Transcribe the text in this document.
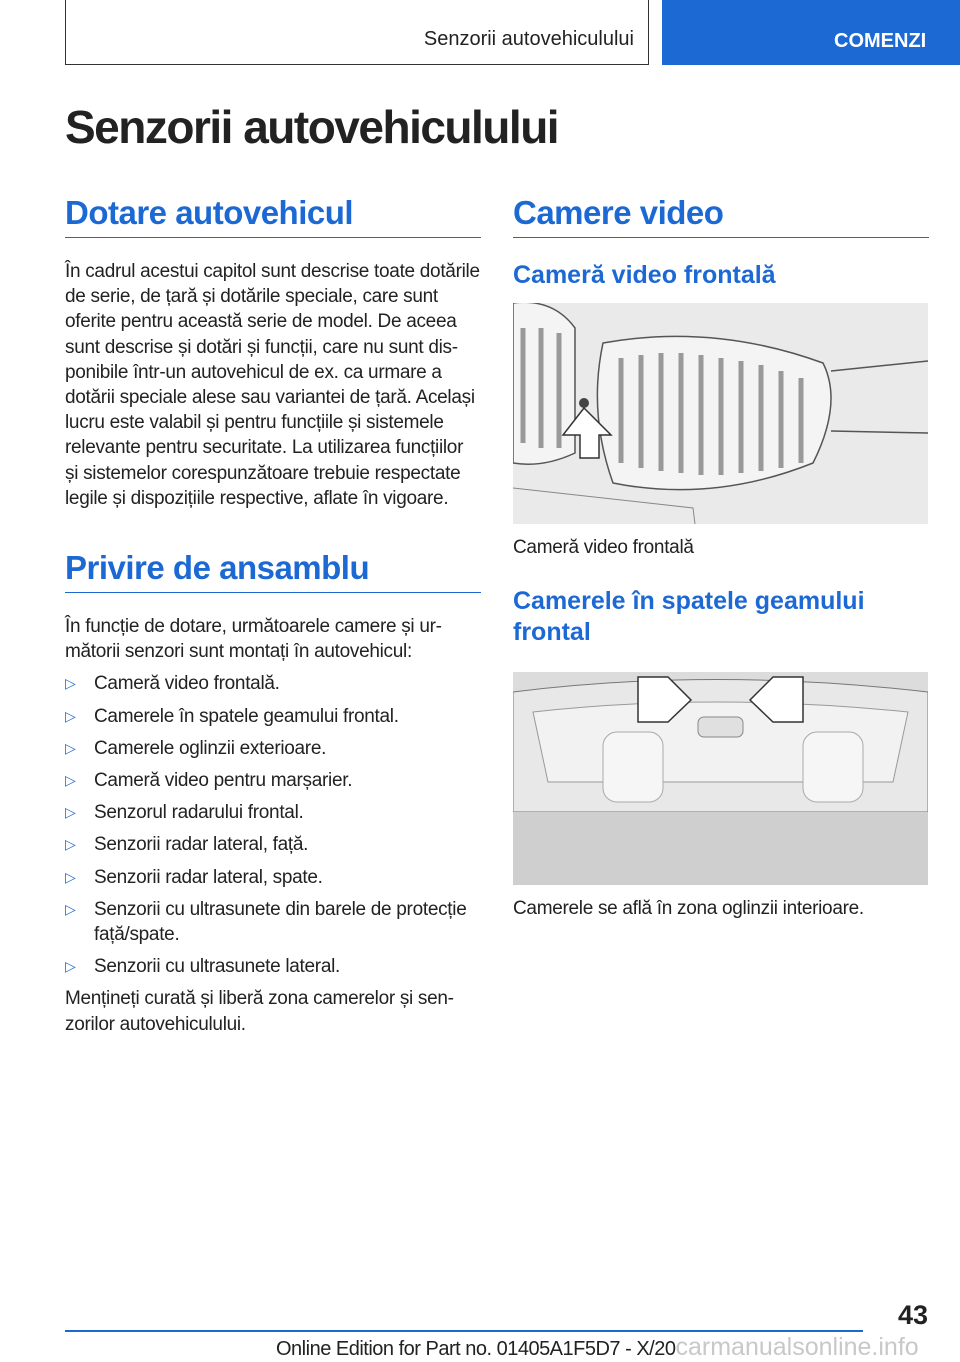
Senzorii autovehiculului	COMENZI
Senzorii autovehiculului
Dotare autovehicul

În cadrul acestui capitol sunt descrise toate dotările de serie, de țară și dotările speciale, care sunt oferite pentru această serie de model. De aceea sunt descrise și dotări și funcții, care nu sunt disponibile într-un autovehicul de ex. ca urmare a dotării speciale alese sau variantei de țară. Același lucru este valabil și pentru funcțiile și sistemele relevante pentru securitate. La utilizarea funcțiilor și sistemelor corespunzătoare trebuie respectate legile și dispozițiile respective, aflate în vigoare.

Privire de ansamblu

În funcție de dotare, următoarele camere și următorii senzori sunt montați în autovehicul:

▷ Cameră video frontală.
▷ Camerele în spatele geamului frontal.
▷ Camerele oglinzii exterioare.
▷ Cameră video pentru marșarier.
▷ Senzorul radarului frontal.
▷ Senzorii radar lateral, față.
▷ Senzorii radar lateral, spate.
▷ Senzorii cu ultrasunete din barele de protecție față/spate.
▷ Senzorii cu ultrasunete lateral.

Mențineți curată și liberă zona camerelor și senzorilor autovehiculului.

Camere video
Cameră video frontală
Cameră video frontală
Camerele în spatele geamului frontal
Camerele se află în zona oglinzii interioare.
43
Online Edition for Part no. 01405A1F5D7 - X/20carmanualsonline.info
